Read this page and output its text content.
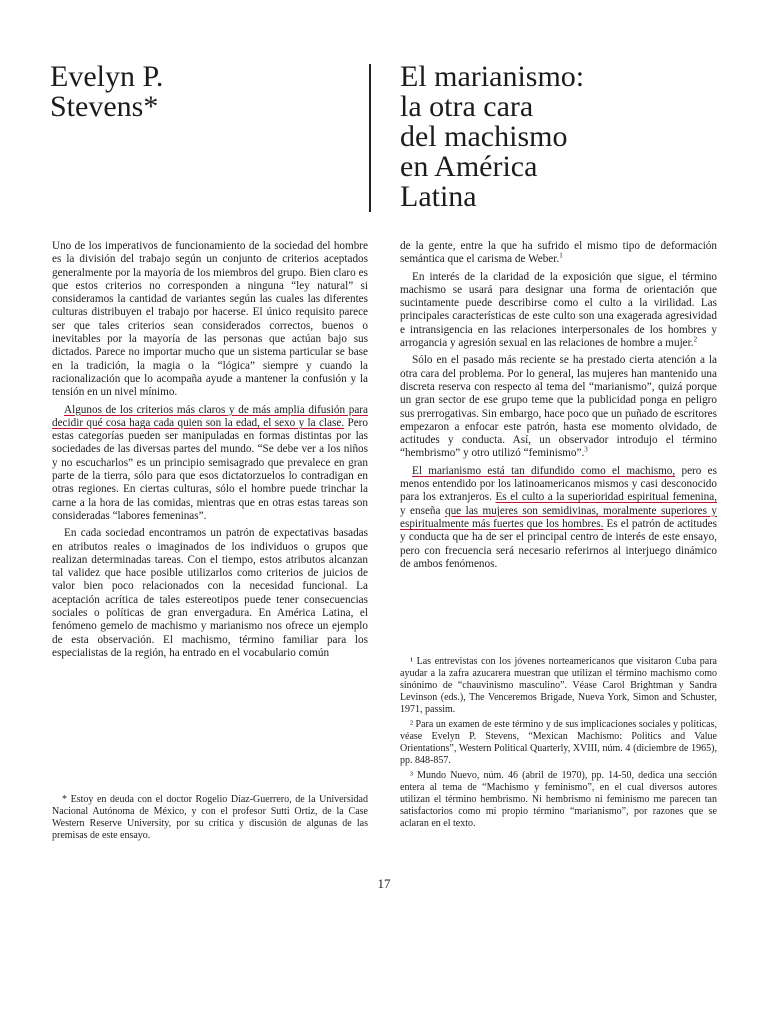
Evelyn P.
Stevens*
El marianismo:
la otra cara
del machismo
en América
Latina

Uno de los imperativos de funcionamiento de la sociedad del hombre es la división del trabajo según un conjunto de criterios aceptados generalmente por la mayoría de los miembros del grupo. Bien claro es que estos criterios no corresponden a ninguna “ley natural” si consideramos la cantidad de variantes según las cuales las diferentes culturas distribuyen el trabajo por hacerse. El único requisito parece ser que tales criterios sean considerados correctos, buenos o inevitables por la mayoría de las personas que actúan bajo sus dictados. Parece no importar mucho que un sistema particular se base en la tradición, la magia o la “lógica” siempre y cuando la racionalización que lo acompaña ayude a mantener la confusión y la tensión en un nivel mínimo.

Algunos de los criterios más claros y de más amplia difusión para decidir qué cosa haga cada quien son la edad, el sexo y la clase. Pero estas categorías pueden ser manipuladas en formas distintas por las sociedades de las diversas partes del mundo. “Se debe ver a los niños y no escucharlos” es un principio semisagrado que prevalece en gran parte de la tierra, sólo para que esos dictatorzuelos lo contradigan en otras regiones. En ciertas culturas, sólo el hombre puede trinchar la carne a la hora de las comidas, mientras que en otras estas tareas son consideradas “labores femeninas”.

En cada sociedad encontramos un patrón de expectativas basadas en atributos reales o imaginados de los individuos o grupos que realizan determinadas tareas. Con el tiempo, estos atributos alcanzan tal validez que hace posible utilizarlos como criterios de juicios de valor bien poco relacionados con la necesidad funcional. La aceptación acrítica de tales estereotipos puede tener consecuencias sociales o políticas de gran envergadura. En América Latina, el fenómeno gemelo de machismo y marianismo nos ofrece un ejemplo de esta observación. El machismo, término familiar para los especialistas de la región, ha entrado en el vocabulario común

de la gente, entre la que ha sufrido el mismo tipo de deformación semántica que el carisma de Weber.$^1$

En interés de la claridad de la exposición que sigue, el término machismo se usará para designar una forma de orientación que sucintamente puede describirse como el culto a la virilidad. Las principales características de este culto son una exagerada agresividad e intransigencia en las relaciones interpersonales de los hombres y arrogancia y agresión sexual en las relaciones de hombre a mujer.$^2$

Sólo en el pasado más reciente se ha prestado cierta atención a la otra cara del problema. Por lo general, las mujeres han mantenido una discreta reserva con respecto al tema del “marianismo”, quizá porque un gran sector de ese grupo teme que la publicidad ponga en peligro sus prerrogativas. Sin embargo, hace poco que un puñado de escritores empezaron a enfocar este patrón, hasta ese momento olvidado, de actitudes y conducta. Así, un observador introdujo el término “hembrismo” y otro utilizó “feminismo”.$^3$

El marianismo está tan difundido como el machismo, pero es menos entendido por los latinoamericanos mismos y casi desconocido para los extranjeros. Es el culto a la superioridad espiritual femenina, y enseña que las mujeres son semidivinas, moralmente superiores y espiritualmente más fuertes que los hombres. Es el patrón de actitudes y conducta que ha de ser el principal centro de interés de este ensayo, pero con frecuencia será necesario referirnos al interjuego dinámico de ambos fenómenos.

¹ Las entrevistas con los jóvenes norteamericanos que visitaron Cuba para ayudar a la zafra azucarera muestran que utilizan el término machismo como sinónimo de “chauvinismo masculino”. Véase Carol Brightman y Sandra Levinson (eds.), The Venceremos Brigade, Nueva York, Simon and Schuster, 1971, passim.

² Para un examen de este término y de sus implicaciones sociales y políticas, véase Evelyn P. Stevens, “Mexican Machismo: Politics and Value Orientations”, Western Political Quarterly, XVIII, núm. 4 (diciembre de 1965), pp. 848-857.

³ Mundo Nuevo, núm. 46 (abril de 1970), pp. 14-50, dedica una sección entera al tema de “Machismo y feminismo”, en el cual diversos autores utilizan el término hembrismo. Ni hembrismo ni feminismo me parecen tan satisfactorios como mi propio término “marianismo”, por razones que se aclaran en el texto.

* Estoy en deuda con el doctor Rogelio Díaz-Guerrero, de la Universidad Nacional Autónoma de México, y con el profesor Sutti Ortiz, de la Case Western Reserve University, por su crítica y discusión de algunas de las premisas de este ensayo.

17
